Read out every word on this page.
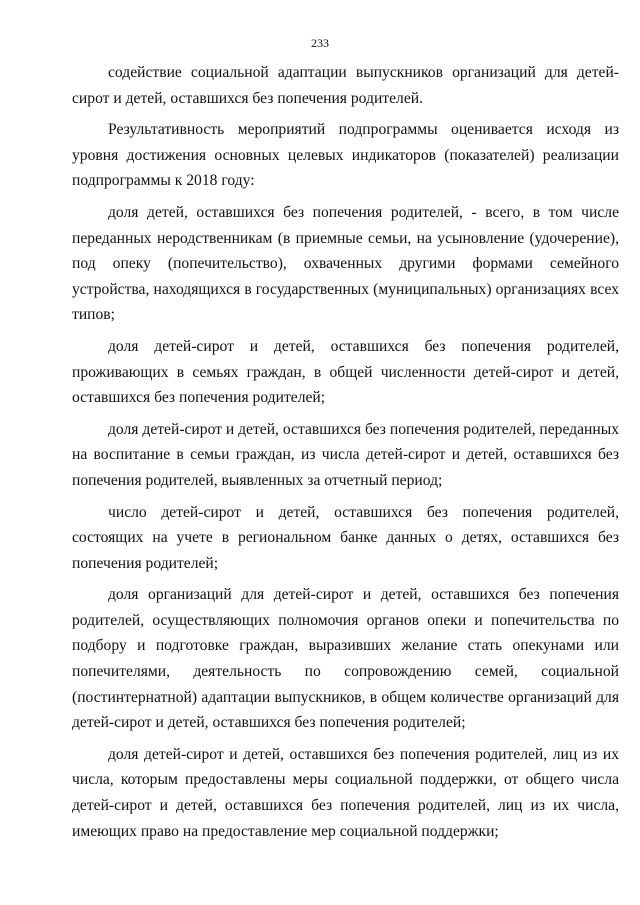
233

содействие социальной адаптации выпускников организаций для детей-сирот и детей, оставшихся без попечения родителей.

Результативность мероприятий подпрограммы оценивается исходя из уровня достижения основных целевых индикаторов (показателей) реализации подпрограммы к 2018 году:

доля детей, оставшихся без попечения родителей, - всего, в том числе переданных неродственникам (в приемные семьи, на усыновление (удочерение), под опеку (попечительство), охваченных другими формами семейного устройства, находящихся в государственных (муниципальных) организациях всех типов;

доля детей-сирот и детей, оставшихся без попечения родителей, проживающих в семьях граждан, в общей численности детей-сирот и детей, оставшихся без попечения родителей;

доля детей-сирот и детей, оставшихся без попечения родителей, переданных на воспитание в семьи граждан, из числа детей-сирот и детей, оставшихся без попечения родителей, выявленных за отчетный период;

число детей-сирот и детей, оставшихся без попечения родителей, состоящих на учете в региональном банке данных о детях, оставшихся без попечения родителей;

доля организаций для детей-сирот и детей, оставшихся без попечения родителей, осуществляющих полномочия органов опеки и попечительства по подбору и подготовке граждан, выразивших желание стать опекунами или попечителями, деятельность по сопровождению семей, социальной (постинтернатной) адаптации выпускников, в общем количестве организаций для детей-сирот и детей, оставшихся без попечения родителей;

доля детей-сирот и детей, оставшихся без попечения родителей, лиц из их числа, которым предоставлены меры социальной поддержки, от общего числа детей-сирот и детей, оставшихся без попечения родителей, лиц из их числа, имеющих право на предоставление мер социальной поддержки;
